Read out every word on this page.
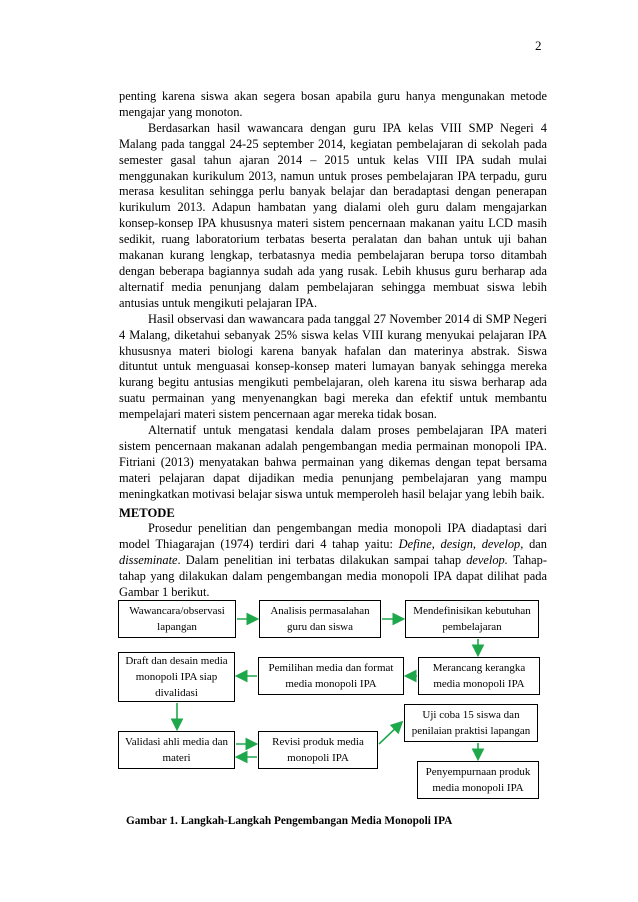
2

penting karena siswa akan segera bosan apabila guru hanya mengunakan metode mengajar yang monoton.

Berdasarkan hasil wawancara dengan guru IPA kelas VIII SMP Negeri 4 Malang pada tanggal 24-25 september 2014, kegiatan pembelajaran di sekolah pada semester gasal tahun ajaran 2014 – 2015 untuk kelas VIII IPA sudah mulai menggunakan kurikulum 2013, namun untuk proses pembelajaran IPA terpadu, guru merasa kesulitan sehingga perlu banyak belajar dan beradaptasi dengan penerapan kurikulum 2013. Adapun hambatan yang dialami oleh guru dalam mengajarkan konsep-konsep IPA khususnya materi sistem pencernaan makanan yaitu LCD masih sedikit, ruang laboratorium terbatas beserta peralatan dan bahan untuk uji bahan makanan kurang lengkap, terbatasnya media pembelajaran berupa torso ditambah dengan beberapa bagiannya sudah ada yang rusak. Lebih khusus guru berharap ada alternatif media penunjang dalam pembelajaran sehingga membuat siswa lebih antusias untuk mengikuti pelajaran IPA.

Hasil observasi dan wawancara pada tanggal 27 November 2014 di SMP Negeri 4 Malang, diketahui sebanyak 25% siswa kelas VIII kurang menyukai pelajaran IPA khususnya materi biologi karena banyak hafalan dan materinya abstrak. Siswa dituntut untuk menguasai konsep-konsep materi lumayan banyak sehingga mereka kurang begitu antusias mengikuti pembelajaran, oleh karena itu siswa berharap ada suatu permainan yang menyenangkan bagi mereka dan efektif untuk membantu mempelajari materi sistem pencernaan agar mereka tidak bosan.

Alternatif untuk mengatasi kendala dalam proses pembelajaran IPA materi sistem pencernaan makanan adalah pengembangan media permainan monopoli IPA. Fitriani (2013) menyatakan bahwa permainan yang dikemas dengan tepat bersama materi pelajaran dapat dijadikan media penunjang pembelajaran yang mampu meningkatkan motivasi belajar siswa untuk memperoleh hasil belajar yang lebih baik.

METODE

Prosedur penelitian dan pengembangan media monopoli IPA diadaptasi dari model Thiagarajan (1974) terdiri dari 4 tahap yaitu: Define, design, develop, dan disseminate. Dalam penelitian ini terbatas dilakukan sampai tahap develop. Tahap-tahap yang dilakukan dalam pengembangan media monopoli IPA dapat dilihat pada Gambar 1 berikut.

Wawancara/observasi lapangan
Analisis permasalahan guru dan siswa
Mendefinisikan kebutuhan pembelajaran
Merancang kerangka media monopoli IPA
Pemilihan media dan format media monopoli IPA
Draft dan desain media monopoli IPA siap divalidasi
Validasi ahli media dan materi
Revisi produk media monopoli IPA
Uji coba 15 siswa dan penilaian praktisi lapangan
Penyempurnaan produk media monopoli IPA
Gambar 1. Langkah-Langkah Pengembangan Media Monopoli IPA
